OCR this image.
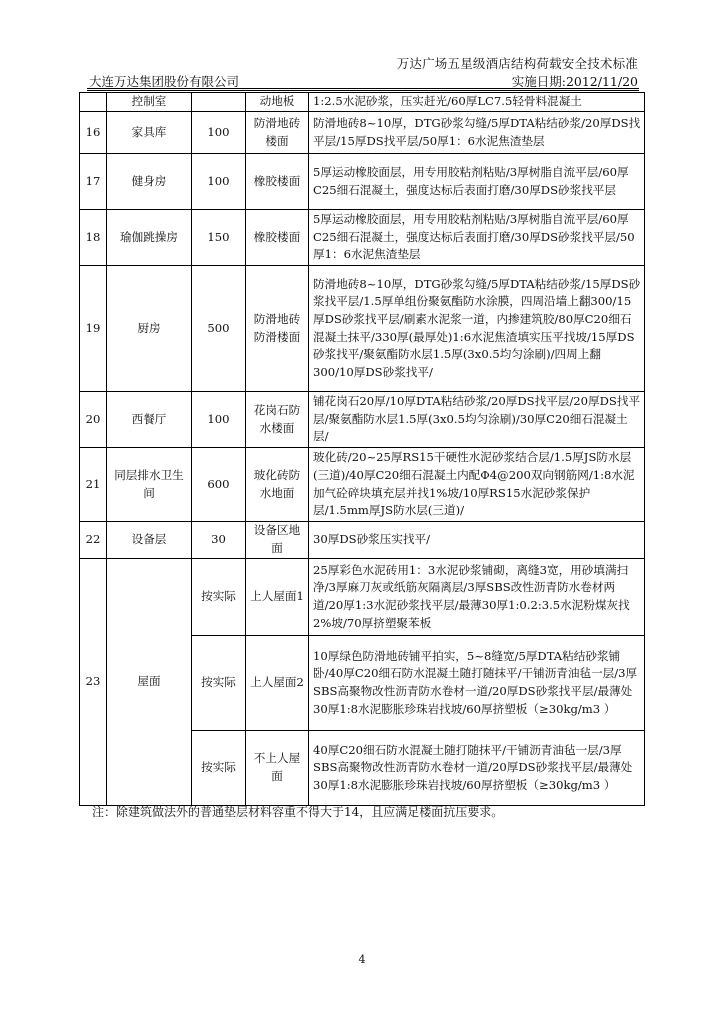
万达广场五星级酒店结构荷载安全技术标准
大连万达集团股份有限公司	实施日期:2012/11/20
	控制室		动地板	1:2.5水泥砂浆，压实赶光/60厚LC7.5轻骨料混凝土
16	家具库	100	防滑地砖楼面	防滑地砖8~10厚，DTG砂浆勾缝/5厚DTA粘结砂浆/20厚DS找平层/15厚DS找平层/50厚1：6水泥焦渣垫层
17	健身房	100	橡胶楼面	5厚运动橡胶面层，用专用胶粘剂粘贴/3厚树脂自流平层/60厚C25细石混凝土，强度达标后表面打磨/30厚DS砂浆找平层
18	瑜伽跳操房	150	橡胶楼面	5厚运动橡胶面层，用专用胶粘剂粘贴/3厚树脂自流平层/60厚C25细石混凝土，强度达标后表面打磨/30厚DS砂浆找平层/50厚1：6水泥焦渣垫层
19	厨房	500	防滑地砖防滑楼面	防滑地砖8~10厚，DTG砂浆勾缝/5厚DTA粘结砂浆/15厚DS砂浆找平层/1.5厚单组份聚氨酯防水涂膜，四周沿墙上翻300/15厚DS砂浆找平层/刷素水泥浆一道，内掺建筑胶/80厚C20细石混凝土抹平/330厚(最厚处)1:6水泥焦渣填实压平找坡/15厚DS砂浆找平/聚氨酯防水层1.5厚(3x0.5均匀涂刷)/四周上翻300/10厚DS砂浆找平/
20	西餐厅	100	花岗石防水楼面	铺花岗石20厚/10厚DTA粘结砂浆/20厚DS找平层/20厚DS找平层/聚氨酯防水层1.5厚(3x0.5均匀涂刷)/30厚C20细石混凝土层/
21	同层排水卫生间	600	玻化砖防水地面	玻化砖/20~25厚RS15干硬性水泥砂浆结合层/1.5厚JS防水层(三道)/40厚C20细石混凝土内配Φ4@200双向钢筋网/1:8水泥加气砼碎块填充层并找1%坡/10厚RS15水泥砂浆保护层/1.5mm厚JS防水层(三道)/
22	设备层	30	设备区地面	30厚DS砂浆压实找平/
23	屋面	按实际	上人屋面1	25厚彩色水泥砖用1：3水泥砂浆铺砌，离缝3宽，用砂填满扫净/3厚麻刀灰或纸筋灰隔离层/3厚SBS改性沥青防水卷材两道/20厚1:3水泥砂浆找平层/最薄30厚1:0.2:3.5水泥粉煤灰找2%坡/70厚挤塑聚苯板
		按实际	上人屋面2	10厚绿色防滑地砖铺平拍实，5~8缝宽/5厚DTA粘结砂浆铺卧/40厚C20细石防水混凝土随打随抹平/干铺沥青油毡一层/3厚SBS高聚物改性沥青防水卷材一道/20厚DS砂浆找平层/最薄处30厚1:8水泥膨胀珍珠岩找坡/60厚挤塑板（≥30kg/m3 ）
		按实际	不上人屋面	40厚C20细石防水混凝土随打随抹平/干铺沥青油毡一层/3厚SBS高聚物改性沥青防水卷材一道/20厚DS砂浆找平层/最薄处30厚1:8水泥膨胀珍珠岩找坡/60厚挤塑板（≥30kg/m3 ）
注：除建筑做法外的普通垫层材料容重不得大于14，且应满足楼面抗压要求。
4
